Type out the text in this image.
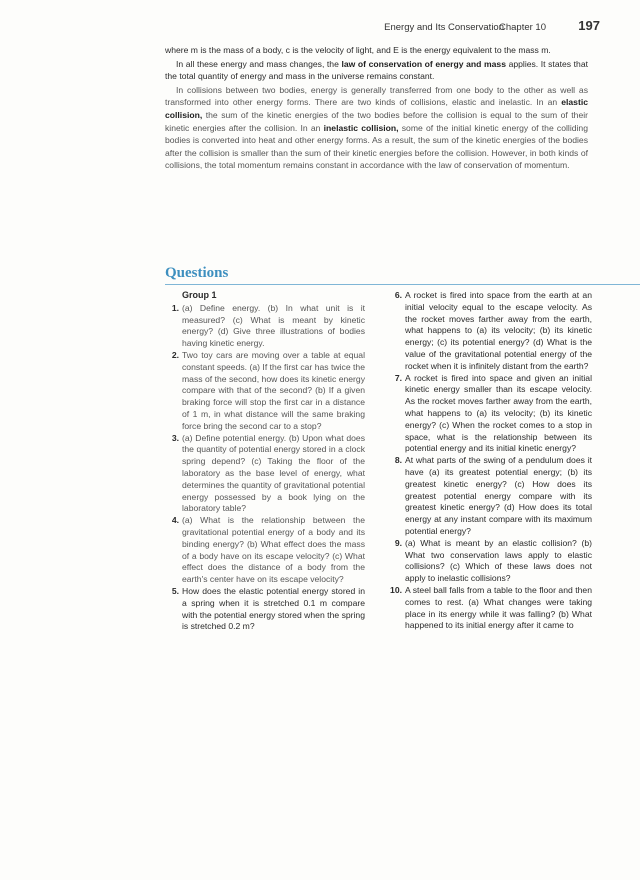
Energy and Its Conservation
Chapter 10 197

where m is the mass of a body, c is the velocity of light, and E is the energy equivalent to the mass m.

In all these energy and mass changes, the law of conservation of energy and mass applies. It states that the total quantity of energy and mass in the universe remains constant.

In collisions between two bodies, energy is generally transferred from one body to the other as well as transformed into other energy forms. There are two kinds of collisions, elastic and inelastic. In an elastic collision, the sum of the kinetic energies of the two bodies before the collision is equal to the sum of their kinetic energies after the collision. In an inelastic collision, some of the initial kinetic energy of the colliding bodies is converted into heat and other energy forms. As a result, the sum of the kinetic energies of the bodies after the collision is smaller than the sum of their kinetic energies before the collision. However, in both kinds of collisions, the total momentum remains constant in accordance with the law of conservation of momentum.

Questions
Group 1
1. (a) Define energy. (b) In what unit is it measured? (c) What is meant by kinetic energy? (d) Give three illustrations of bodies having kinetic energy.
2. Two toy cars are moving over a table at equal constant speeds. (a) If the first car has twice the mass of the second, how does its kinetic energy compare with that of the second? (b) If a given braking force will stop the first car in a distance of 1 m, in what distance will the same braking force bring the second car to a stop?
3. (a) Define potential energy. (b) Upon what does the quantity of potential energy stored in a clock spring depend? (c) Taking the floor of the laboratory as the base level of energy, what determines the quantity of gravitational potential energy possessed by a book lying on the laboratory table?
4. (a) What is the relationship between the gravitational potential energy of a body and its binding energy? (b) What effect does the mass of a body have on its escape velocity? (c) What effect does the distance of a body from the earth's center have on its escape velocity?
5. How does the elastic potential energy stored in a spring when it is stretched 0.1 m compare with the potential energy stored when the spring is stretched 0.2 m?
6. A rocket is fired into space from the earth at an initial velocity equal to the escape velocity. As the rocket moves farther away from the earth, what happens to (a) its velocity; (b) its kinetic energy; (c) its potential energy? (d) What is the value of the gravitational potential energy of the rocket when it is infinitely distant from the earth?
7. A rocket is fired into space and given an initial kinetic energy smaller than its escape velocity. As the rocket moves farther away from the earth, what happens to (a) its velocity; (b) its kinetic energy? (c) When the rocket comes to a stop in space, what is the relationship between its potential energy and its initial kinetic energy?
8. At what parts of the swing of a pendulum does it have (a) its greatest potential energy; (b) its greatest kinetic energy? (c) How does its greatest potential energy compare with its greatest kinetic energy? (d) How does its total energy at any instant compare with its maximum potential energy?
9. (a) What is meant by an elastic collision? (b) What two conservation laws apply to elastic collisions? (c) Which of these laws does not apply to inelastic collisions?
10. A steel ball falls from a table to the floor and then comes to rest. (a) What changes were taking place in its energy while it was falling? (b) What happened to its initial energy after it came to
